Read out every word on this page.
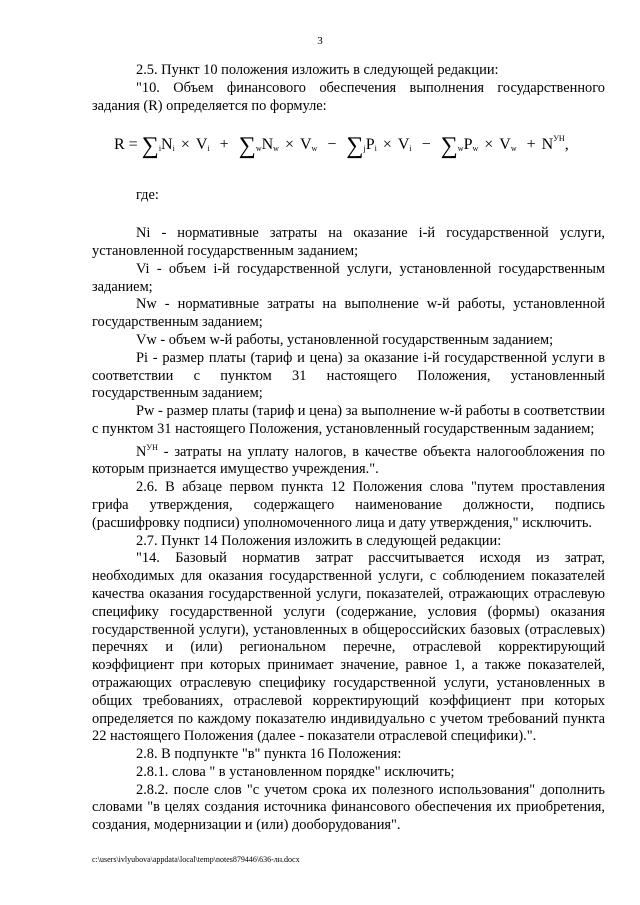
3

2.5. Пункт 10 положения изложить в следующей редакции:

"10. Объем финансового обеспечения выполнения государственного задания (R) определяется по формуле:

$R = \sum_iN_i \times V_i + \sum_wN_w \times V_w - \sum_jP_i \times V_i - \sum_wP_w \times V_w + N^{УН}$,

где:

Ni - нормативные затраты на оказание i-й государственной услуги, установленной государственным заданием;

Vi - объем i-й государственной услуги, установленной государственным заданием;

Nw - нормативные затраты на выполнение w-й работы, установленной государственным заданием;

Vw - объем w-й работы, установленной государственным заданием;

Pi - размер платы (тариф и цена) за оказание i-й государственной услуги в соответствии с пунктом 31 настоящего Положения, установленный государственным заданием;

Pw - размер платы (тариф и цена) за выполнение w-й работы в соответствии с пунктом 31 настоящего Положения, установленный государственным заданием;

$N^{УН}$ - затраты на уплату налогов, в качестве объекта налогообложения по которым признается имущество учреждения.".

2.6. В абзаце первом пункта 12 Положения слова "путем проставления грифа утверждения, содержащего наименование должности, подпись (расшифровку подписи) уполномоченного лица и дату утверждения," исключить.

2.7. Пункт 14 Положения изложить в следующей редакции:

"14. Базовый норматив затрат рассчитывается исходя из затрат, необходимых для оказания государственной услуги, с соблюдением показателей качества оказания государственной услуги, показателей, отражающих отраслевую специфику государственной услуги (содержание, условия (формы) оказания государственной услуги), установленных в общероссийских базовых (отраслевых) перечнях и (или) региональном перечне, отраслевой корректирующий коэффициент при которых принимает значение, равное 1, а также показателей, отражающих отраслевую специфику государственной услуги, установленных в общих требованиях, отраслевой корректирующий коэффициент при которых определяется по каждому показателю индивидуально с учетом требований пункта 22 настоящего Положения (далее - показатели отраслевой специфики).".

2.8. В подпункте "в" пункта 16 Положения:

2.8.1. слова " в установленном порядке" исключить;

2.8.2. после слов "с учетом срока их полезного использования" дополнить словами "в целях создания источника финансового обеспечения их приобретения, создания, модернизации и (или) дооборудования".

c:\users\ivlyubova\appdata\local\temp\notes879446\636-лн.docx
